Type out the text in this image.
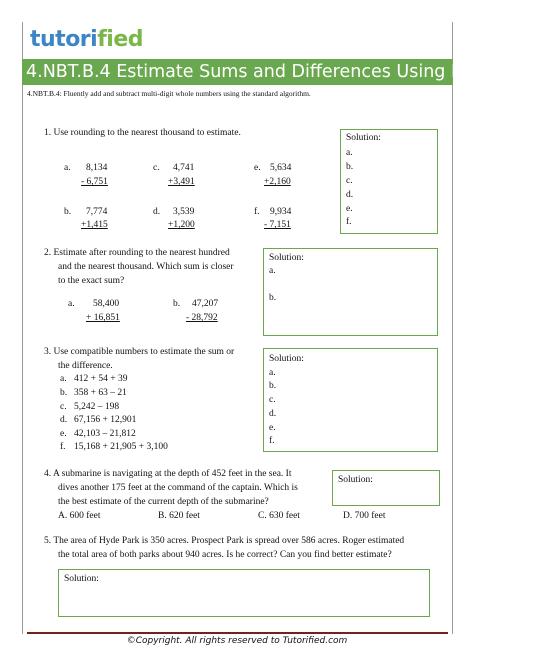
tutorified
4.NBT.B.4 Estimate Sums and Differences Using Rounding
4.NBT.B.4: Fluently add and subtract multi-digit whole numbers using the standard algorithm.
1. Use rounding to the nearest thousand to estimate.
a. 8,134
- 6,751
c. 4,741
+3,491
e. 5,634
+2,160
b. 7,774
+1,415
d. 3,539
+1,200
f. 9,934
- 7,151
Solution:
a.
b.
c.
d.
e.
f.
2. Estimate after rounding to the nearest hundred
and the nearest thousand. Which sum is closer
to the exact sum?
a. 58,400
+ 16,851
b. 47,207
- 28,792
Solution:
a.
b.
3. Use compatible numbers to estimate the sum or
the difference.
a. 412 + 54 + 39
b. 358 + 63 – 21
c. 5,242 – 198
d. 67,156 + 12,901
e. 42,103 – 21,812
f. 15,168 + 21,905 + 3,100
Solution:
a.
b.
c.
d.
e.
f.
4. A submarine is navigating at the depth of 452 feet in the sea. It
dives another 175 feet at the command of the captain. Which is
the best estimate of the current depth of the submarine?
A. 600 feet	B. 620 feet	C. 630 feet	D. 700 feet
Solution:
5. The area of Hyde Park is 350 acres. Prospect Park is spread over 586 acres. Roger estimated
the total area of both parks about 940 acres. Is he correct? Can you find better estimate?
Solution:
©Copyright. All rights reserved to Tutorified.com
